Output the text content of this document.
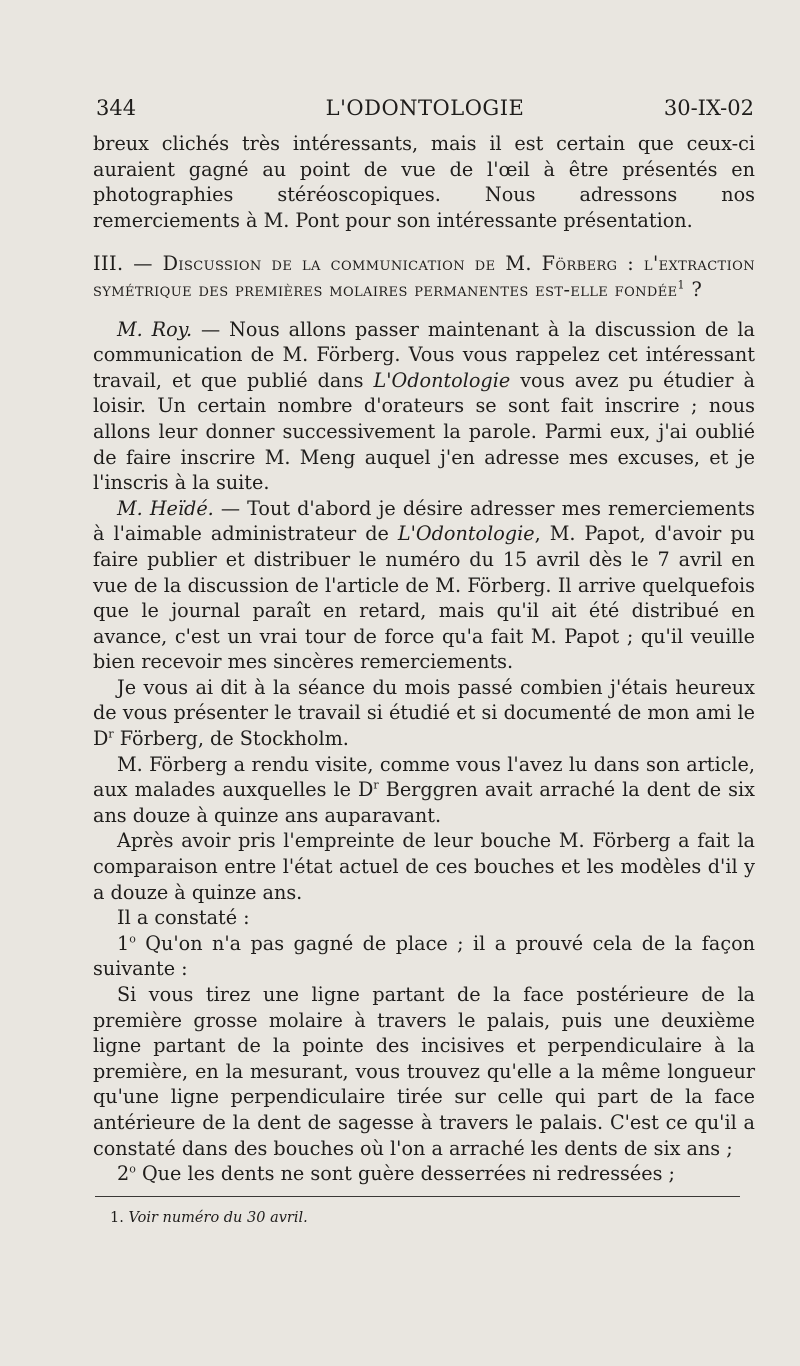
344	L'ODONTOLOGIE	30-IX-02

breux clichés très intéressants, mais il est certain que ceux-ci auraient gagné au point de vue de l'œil à être présentés en photographies stéréoscopiques. Nous adressons nos remerciements à M. Pont pour son intéressante présentation.

III. — Discussion de la communication de M. Förberg : l'extraction symétrique des premières molaires permanentes est-elle fondée$^1$ ?

M. Roy. — Nous allons passer maintenant à la discussion de la communication de M. Förberg. Vous vous rappelez cet intéressant travail, et que publié dans L'Odontologie vous avez pu étudier à loisir. Un certain nombre d'orateurs se sont fait inscrire ; nous allons leur donner successivement la parole. Parmi eux, j'ai oublié de faire inscrire M. Meng auquel j'en adresse mes excuses, et je l'inscris à la suite.

M. Heïdé. — Tout d'abord je désire adresser mes remerciements à l'aimable administrateur de L'Odontologie, M. Papot, d'avoir pu faire publier et distribuer le numéro du 15 avril dès le 7 avril en vue de la discussion de l'article de M. Förberg. Il arrive quelquefois que le journal paraît en retard, mais qu'il ait été distribué en avance, c'est un vrai tour de force qu'a fait M. Papot ; qu'il veuille bien recevoir mes sincères remerciements.

Je vous ai dit à la séance du mois passé combien j'étais heureux de vous présenter le travail si étudié et si documenté de mon ami le $D^r$ Förberg, de Stockholm.

M. Förberg a rendu visite, comme vous l'avez lu dans son article, aux malades auxquelles le $D^r$ Berggren avait arraché la dent de six ans douze à quinze ans auparavant.

Après avoir pris l'empreinte de leur bouche M. Förberg a fait la comparaison entre l'état actuel de ces bouches et les modèles d'il y a douze à quinze ans.

Il a constaté :

1$^o$ Qu'on n'a pas gagné de place ; il a prouvé cela de la façon suivante :

Si vous tirez une ligne partant de la face postérieure de la première grosse molaire à travers le palais, puis une deuxième ligne partant de la pointe des incisives et perpendiculaire à la première, en la mesurant, vous trouvez qu'elle a la même longueur qu'une ligne perpendiculaire tirée sur celle qui part de la face antérieure de la dent de sagesse à travers le palais. C'est ce qu'il a constaté dans des bouches où l'on a arraché les dents de six ans ;

2$^o$ Que les dents ne sont guère desserrées ni redressées ;

1. Voir numéro du 30 avril.
